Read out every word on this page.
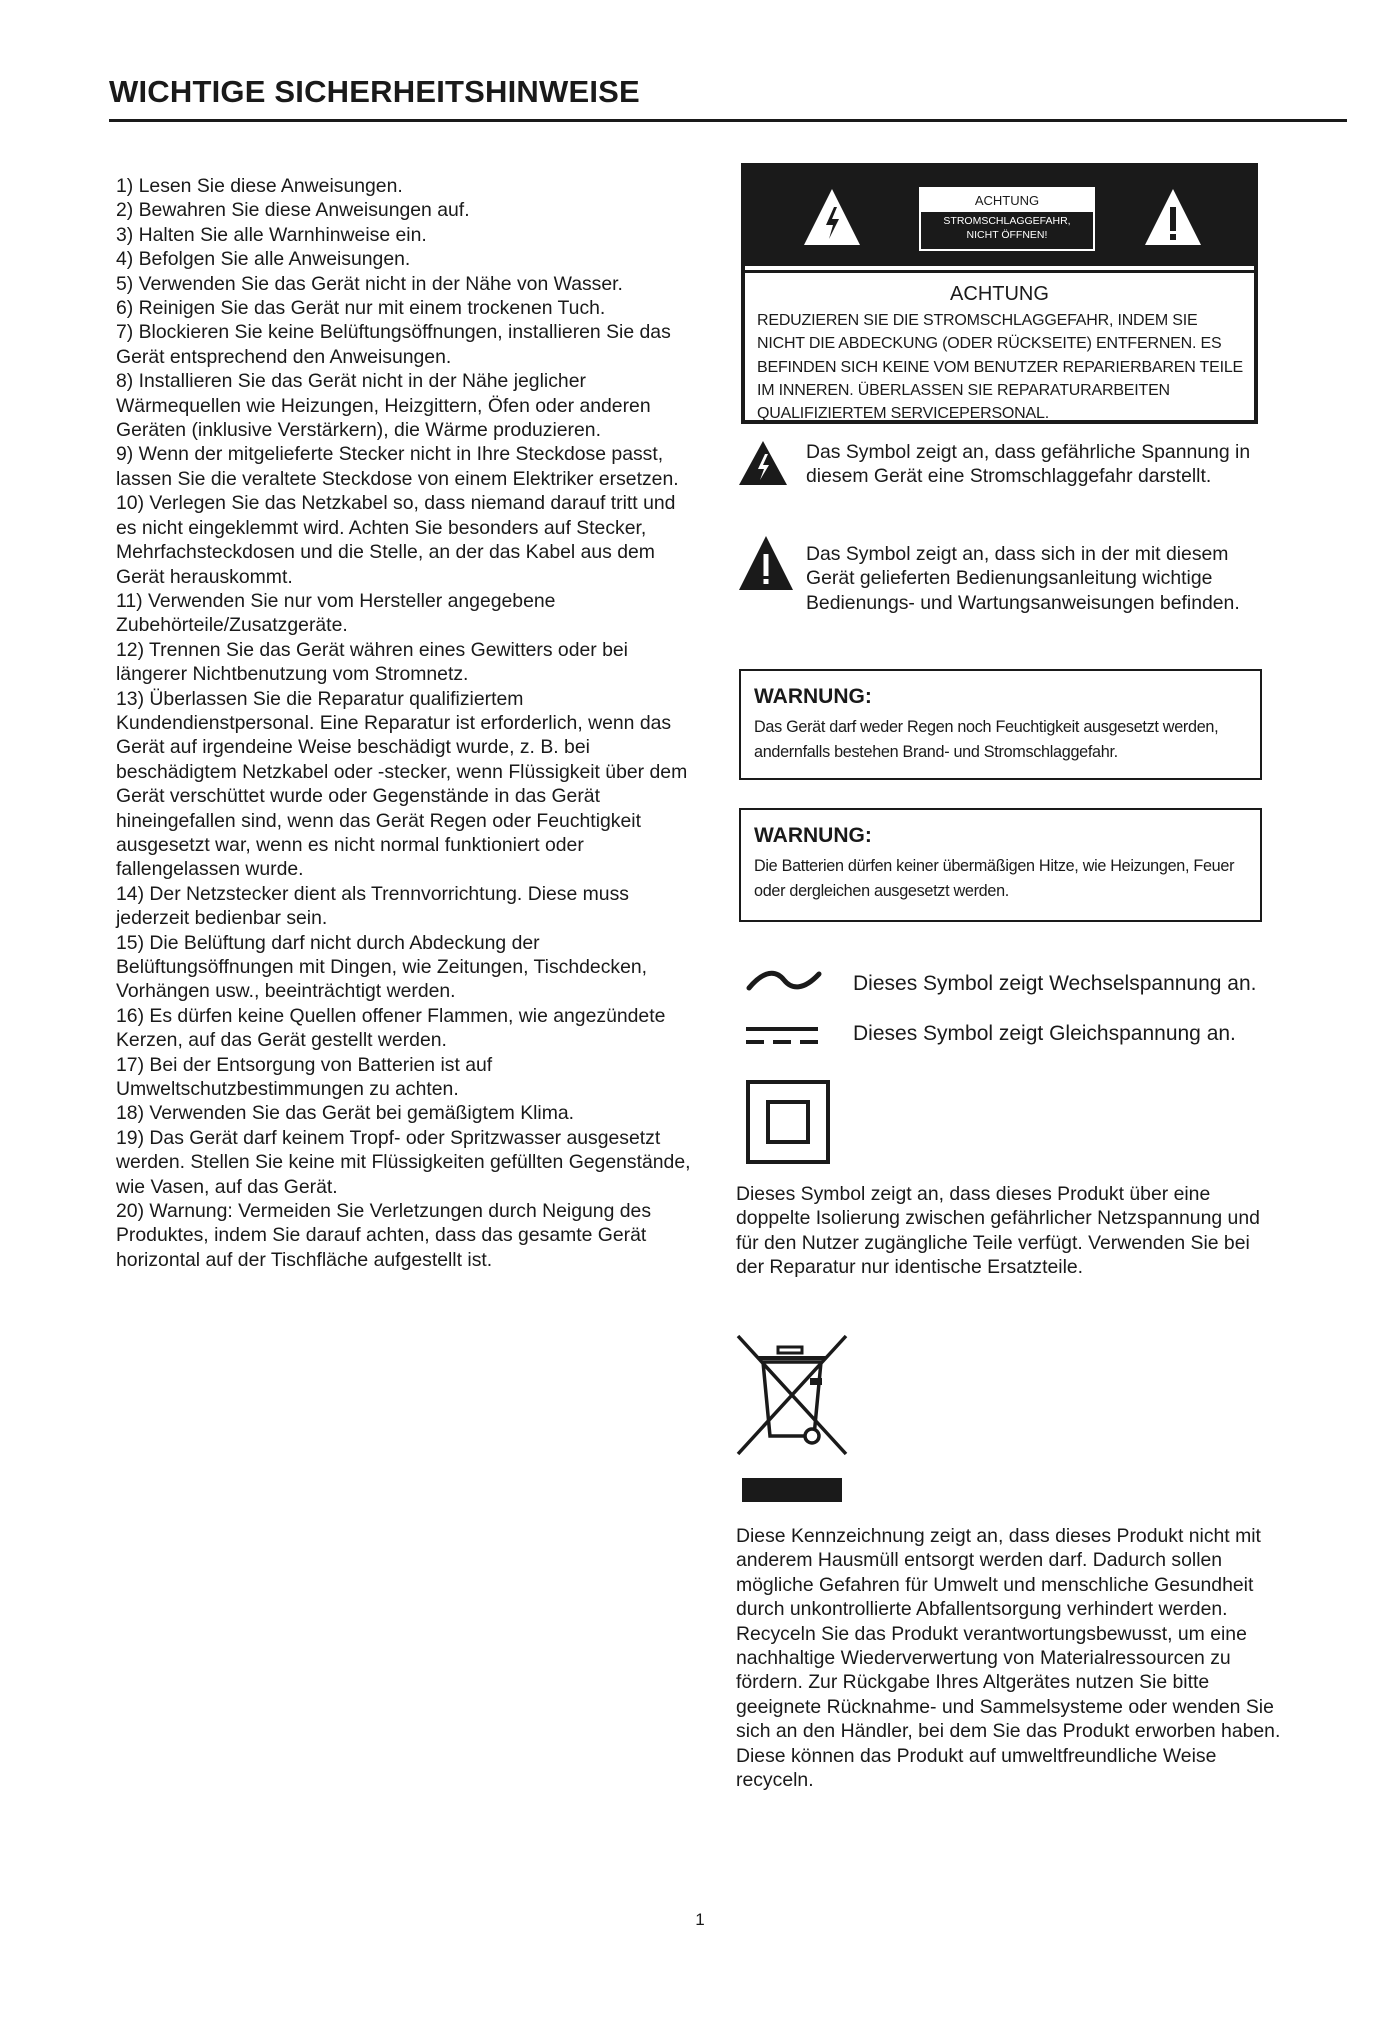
WICHTIGE SICHERHEITSHINWEISE

1) Lesen Sie diese Anweisungen.

2) Bewahren Sie diese Anweisungen auf.

3) Halten Sie alle Warnhinweise ein.

4) Befolgen Sie alle Anweisungen.

5) Verwenden Sie das Gerät nicht in der Nähe von Wasser.

6) Reinigen Sie das Gerät nur mit einem trockenen Tuch.

7) Blockieren Sie keine Belüftungsöffnungen, installieren Sie das Gerät entsprechend den Anweisungen.

8) Installieren Sie das Gerät nicht in der Nähe jeglicher Wärmequellen wie Heizungen, Heizgittern, Öfen oder anderen Geräten (inklusive Verstärkern), die Wärme produzieren.

9) Wenn der mitgelieferte Stecker nicht in Ihre Steckdose passt, lassen Sie die veraltete Steckdose von einem Elektriker ersetzen.

10) Verlegen Sie das Netzkabel so, dass niemand darauf tritt und es nicht eingeklemmt wird. Achten Sie besonders auf Stecker, Mehrfachsteckdosen und die Stelle, an der das Kabel aus dem Gerät herauskommt.

11) Verwenden Sie nur vom Hersteller angegebene Zubehörteile/Zusatzgeräte.

12) Trennen Sie das Gerät währen eines Gewitters oder bei längerer Nichtbenutzung vom Stromnetz.

13) Überlassen Sie die Reparatur qualifiziertem Kundendienstpersonal. Eine Reparatur ist erforderlich, wenn das Gerät auf irgendeine Weise beschädigt wurde, z. B. bei beschädigtem Netzkabel oder -stecker, wenn Flüssigkeit über dem Gerät verschüttet wurde oder Gegenstände in das Gerät hineingefallen sind, wenn das Gerät Regen oder Feuchtigkeit ausgesetzt war, wenn es nicht normal funktioniert oder fallengelassen wurde.

14) Der Netzstecker dient als Trennvorrichtung. Diese muss jederzeit bedienbar sein.

15) Die Belüftung darf nicht durch Abdeckung der Belüftungsöffnungen mit Dingen, wie Zeitungen, Tischdecken, Vorhängen usw., beeinträchtigt werden.

16) Es dürfen keine Quellen offener Flammen, wie angezündete Kerzen, auf das Gerät gestellt werden.

17) Bei der Entsorgung von Batterien ist auf Umweltschutzbestimmungen zu achten.

18) Verwenden Sie das Gerät bei gemäßigtem Klima.

19) Das Gerät darf keinem Tropf- oder Spritzwasser ausgesetzt werden. Stellen Sie keine mit Flüssigkeiten gefüllten Gegenstände, wie Vasen, auf das Gerät.

20) Warnung: Vermeiden Sie Verletzungen durch Neigung des Produktes, indem Sie darauf achten, dass das gesamte Gerät horizontal auf der Tischfläche aufgestellt ist.

ACHTUNG
STROMSCHLAGGEFAHR,
NICHT ÖFFNEN!
ACHTUNG
REDUZIEREN SIE DIE STROMSCHLAGGEFAHR, INDEM SIE NICHT DIE ABDECKUNG (ODER RÜCKSEITE) ENTFERNEN. ES BEFINDEN SICH KEINE VOM BENUTZER REPARIERBAREN TEILE IM INNEREN. ÜBERLASSEN SIE REPARATURARBEITEN QUALIFIZIERTEM SERVICEPERSONAL.
Das Symbol zeigt an, dass gefährliche Spannung in diesem Gerät eine Stromschlaggefahr darstellt.
Das Symbol zeigt an, dass sich in der mit diesem Gerät gelieferten Bedienungsanleitung wichtige Bedienungs- und Wartungsanweisungen befinden.
WARNUNG:
Das Gerät darf weder Regen noch Feuchtigkeit ausgesetzt werden, andernfalls bestehen Brand- und Stromschlaggefahr.
WARNUNG:
Die Batterien dürfen keiner übermäßigen Hitze, wie Heizungen, Feuer oder dergleichen ausgesetzt werden.
Dieses Symbol zeigt Wechselspannung an.
Dieses Symbol zeigt Gleichspannung an.

Dieses Symbol zeigt an, dass dieses Produkt über eine doppelte Isolierung zwischen gefährlicher Netzspannung und für den Nutzer zugängliche Teile verfügt. Verwenden Sie bei der Reparatur nur identische Ersatzteile.

Diese Kennzeichnung zeigt an, dass dieses Produkt nicht mit anderem Hausmüll entsorgt werden darf. Dadurch sollen mögliche Gefahren für Umwelt und menschliche Gesundheit durch unkontrollierte Abfallentsorgung verhindert werden. Recyceln Sie das Produkt verantwortungsbewusst, um eine nachhaltige Wiederverwertung von Materialressourcen zu fördern. Zur Rückgabe Ihres Altgerätes nutzen Sie bitte geeignete Rücknahme- und Sammelsysteme oder wenden Sie sich an den Händler, bei dem Sie das Produkt erworben haben. Diese können das Produkt auf umweltfreundliche Weise recyceln.

1
